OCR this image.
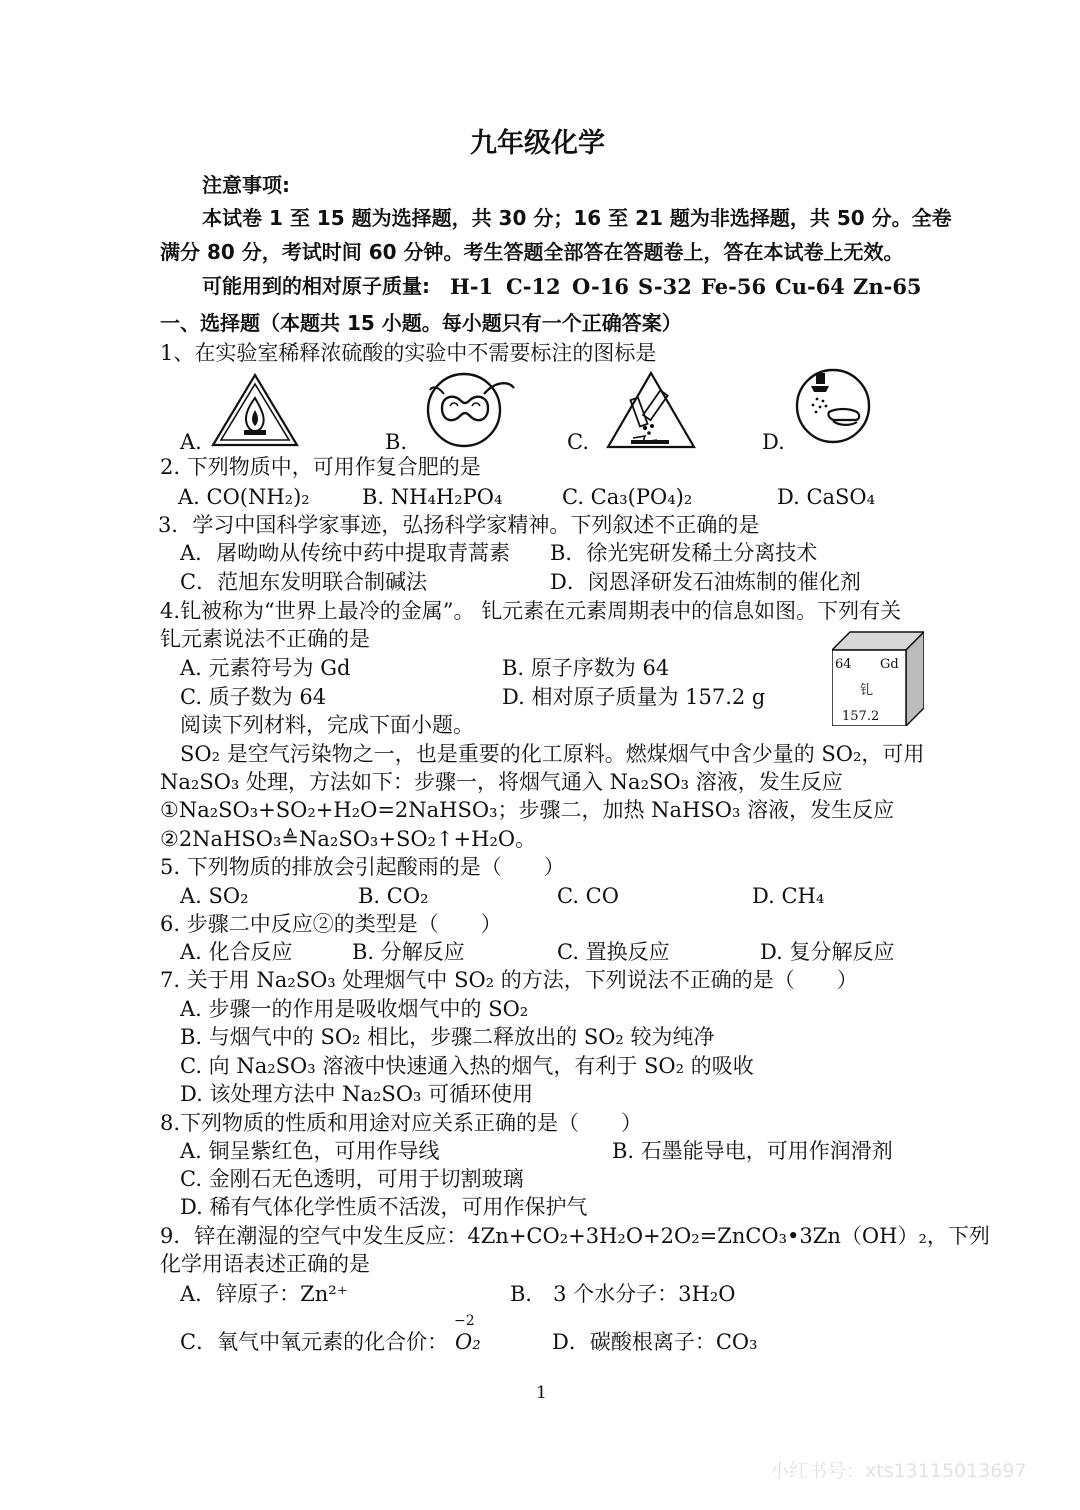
九年级化学
注意事项:
本试卷 1 至 15 题为选择题，共 30 分；16 至 21 题为非选择题，共 50 分。全卷
满分 80 分，考试时间 60 分钟。考生答题全部答在答题卷上，答在本试卷上无效。
可能用到的相对原子质量: H-1 C-12 O-16 S-32 Fe-56 Cu-64 Zn-65
一、选择题（本题共 15 小题。每小题只有一个正确答案）
1、在实验室稀释浓硫酸的实验中不需要标注的图标是
A.	B.	C.	D.
2. 下列物质中，可用作复合肥的是
A. CO(NH₂)₂ B. NH₄H₂PO₄	C. Ca₃(PO₄)₂	D. CaSO₄
3．学习中国科学家事迹，弘扬科学家精神。下列叙述不正确的是
A．屠呦呦从传统中药中提取青蒿素 B．徐光宪研发稀土分离技术
C．范旭东发明联合制碱法	D．闵恩泽研发石油炼制的催化剂
4.钆被称为“世界上最冷的金属”。 钆元素在元素周期表中的信息如图。下列有关
钆元素说法不正确的是
A. 元素符号为 Gd	B. 原子序数为 64
C. 质子数为 64	D. 相对原子质量为 157.2 g
64 Gd
钆
157.2
阅读下列材料，完成下面小题。
SO₂ 是空气污染物之一，也是重要的化工原料。燃煤烟气中含少量的 SO₂，可用
Na₂SO₃ 处理，方法如下：步骤一，将烟气通入 Na₂SO₃ 溶液，发生反应
①Na₂SO₃+SO₂+H₂O=2NaHSO₃；步骤二，加热 NaHSO₃ 溶液，发生反应
②2NaHSO₃≜Na₂SO₃+SO₂↑+H₂O。
5. 下列物质的排放会引起酸雨的是（　　）
A. SO₂	B. CO₂	C. CO	D. CH₄
6. 步骤二中反应②的类型是（　　）
A. 化合反应	B. 分解反应	C. 置换反应	D. 复分解反应
7. 关于用 Na₂SO₃ 处理烟气中 SO₂ 的方法，下列说法不正确的是（　　）
A. 步骤一的作用是吸收烟气中的 SO₂
B. 与烟气中的 SO₂ 相比，步骤二释放出的 SO₂ 较为纯净
C. 向 Na₂SO₃ 溶液中快速通入热的烟气，有利于 SO₂ 的吸收
D. 该处理方法中 Na₂SO₃ 可循环使用
8.下列物质的性质和用途对应关系正确的是（　　）
A. 铜呈紫红色，可用作导线	B. 石墨能导电，可用作润滑剂
C. 金刚石无色透明，可用于切割玻璃
D. 稀有气体化学性质不活泼，可用作保护气
9．锌在潮湿的空气中发生反应：4Zn+CO₂+3H₂O+2O₂=ZnCO₃•3Zn（OH）₂，下列
化学用语表述正确的是
A．锌原子：Zn²⁺	B． 3 个水分子：3H₂O
C．氧气中氧元素的化合价：
−2
O₂	D．碳酸根离子：CO₃
1
小红书号：xts13115013697
